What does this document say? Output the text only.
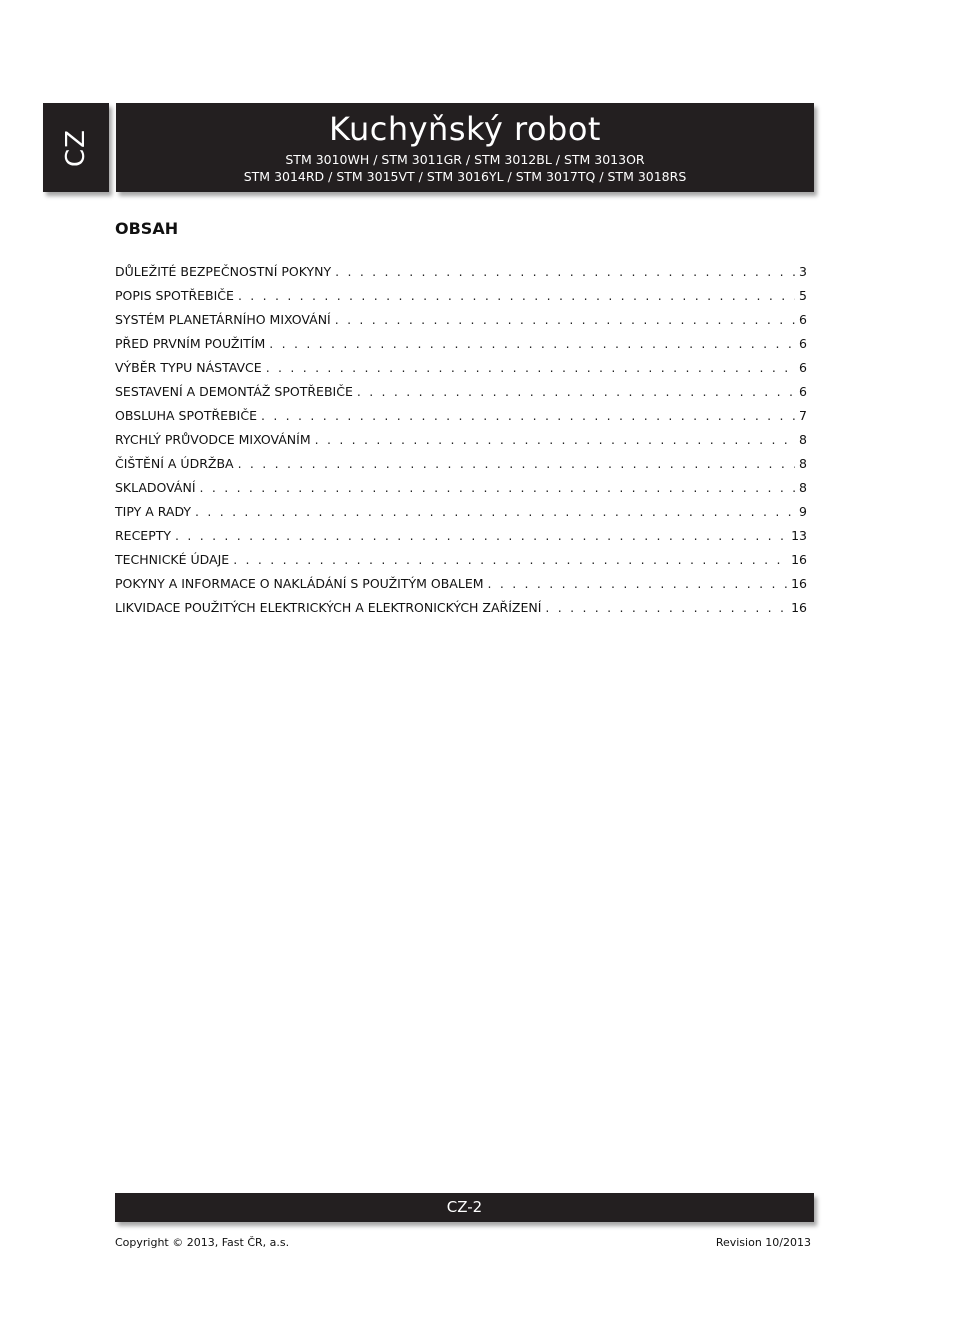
CZ	Kuchyňský robot
STM 3010WH / STM 3011GR / STM 3012BL / STM 3013OR
STM 3014RD / STM 3015VT / STM 3016YL / STM 3017TQ / STM 3018RS
OBSAH
DŮLEŽITÉ BEZPEČNOSTNÍ POKYNY . . .	3
POPIS SPOTŘEBIČE . . .	5
SYSTÉM PLANETÁRNÍHO MIXOVÁNÍ . . .	6
PŘED PRVNÍM POUŽITÍM . . .	6
VÝBĚR TYPU NÁSTAVCE . . .	6
SESTAVENÍ A DEMONTÁŽ SPOTŘEBIČE . . .	6
OBSLUHA SPOTŘEBIČE . . .	7
RYCHLÝ PRŮVODCE MIXOVÁNÍM . . .	8
ČIŠTĚNÍ A ÚDRŽBA . . .	8
SKLADOVÁNÍ . . .	8
TIPY A RADY . . .	9
RECEPTY . . .	13
TECHNICKÉ ÚDAJE . . .	16
POKYNY A INFORMACE O NAKLÁDÁNÍ S POUŽITÝM OBALEM . . .	16
LIKVIDACE POUŽITÝCH ELEKTRICKÝCH A ELEKTRONICKÝCH ZAŘÍZENÍ . . .	16
CZ-2
Copyright © 2013, Fast ČR, a.s.	Revision 10/2013
